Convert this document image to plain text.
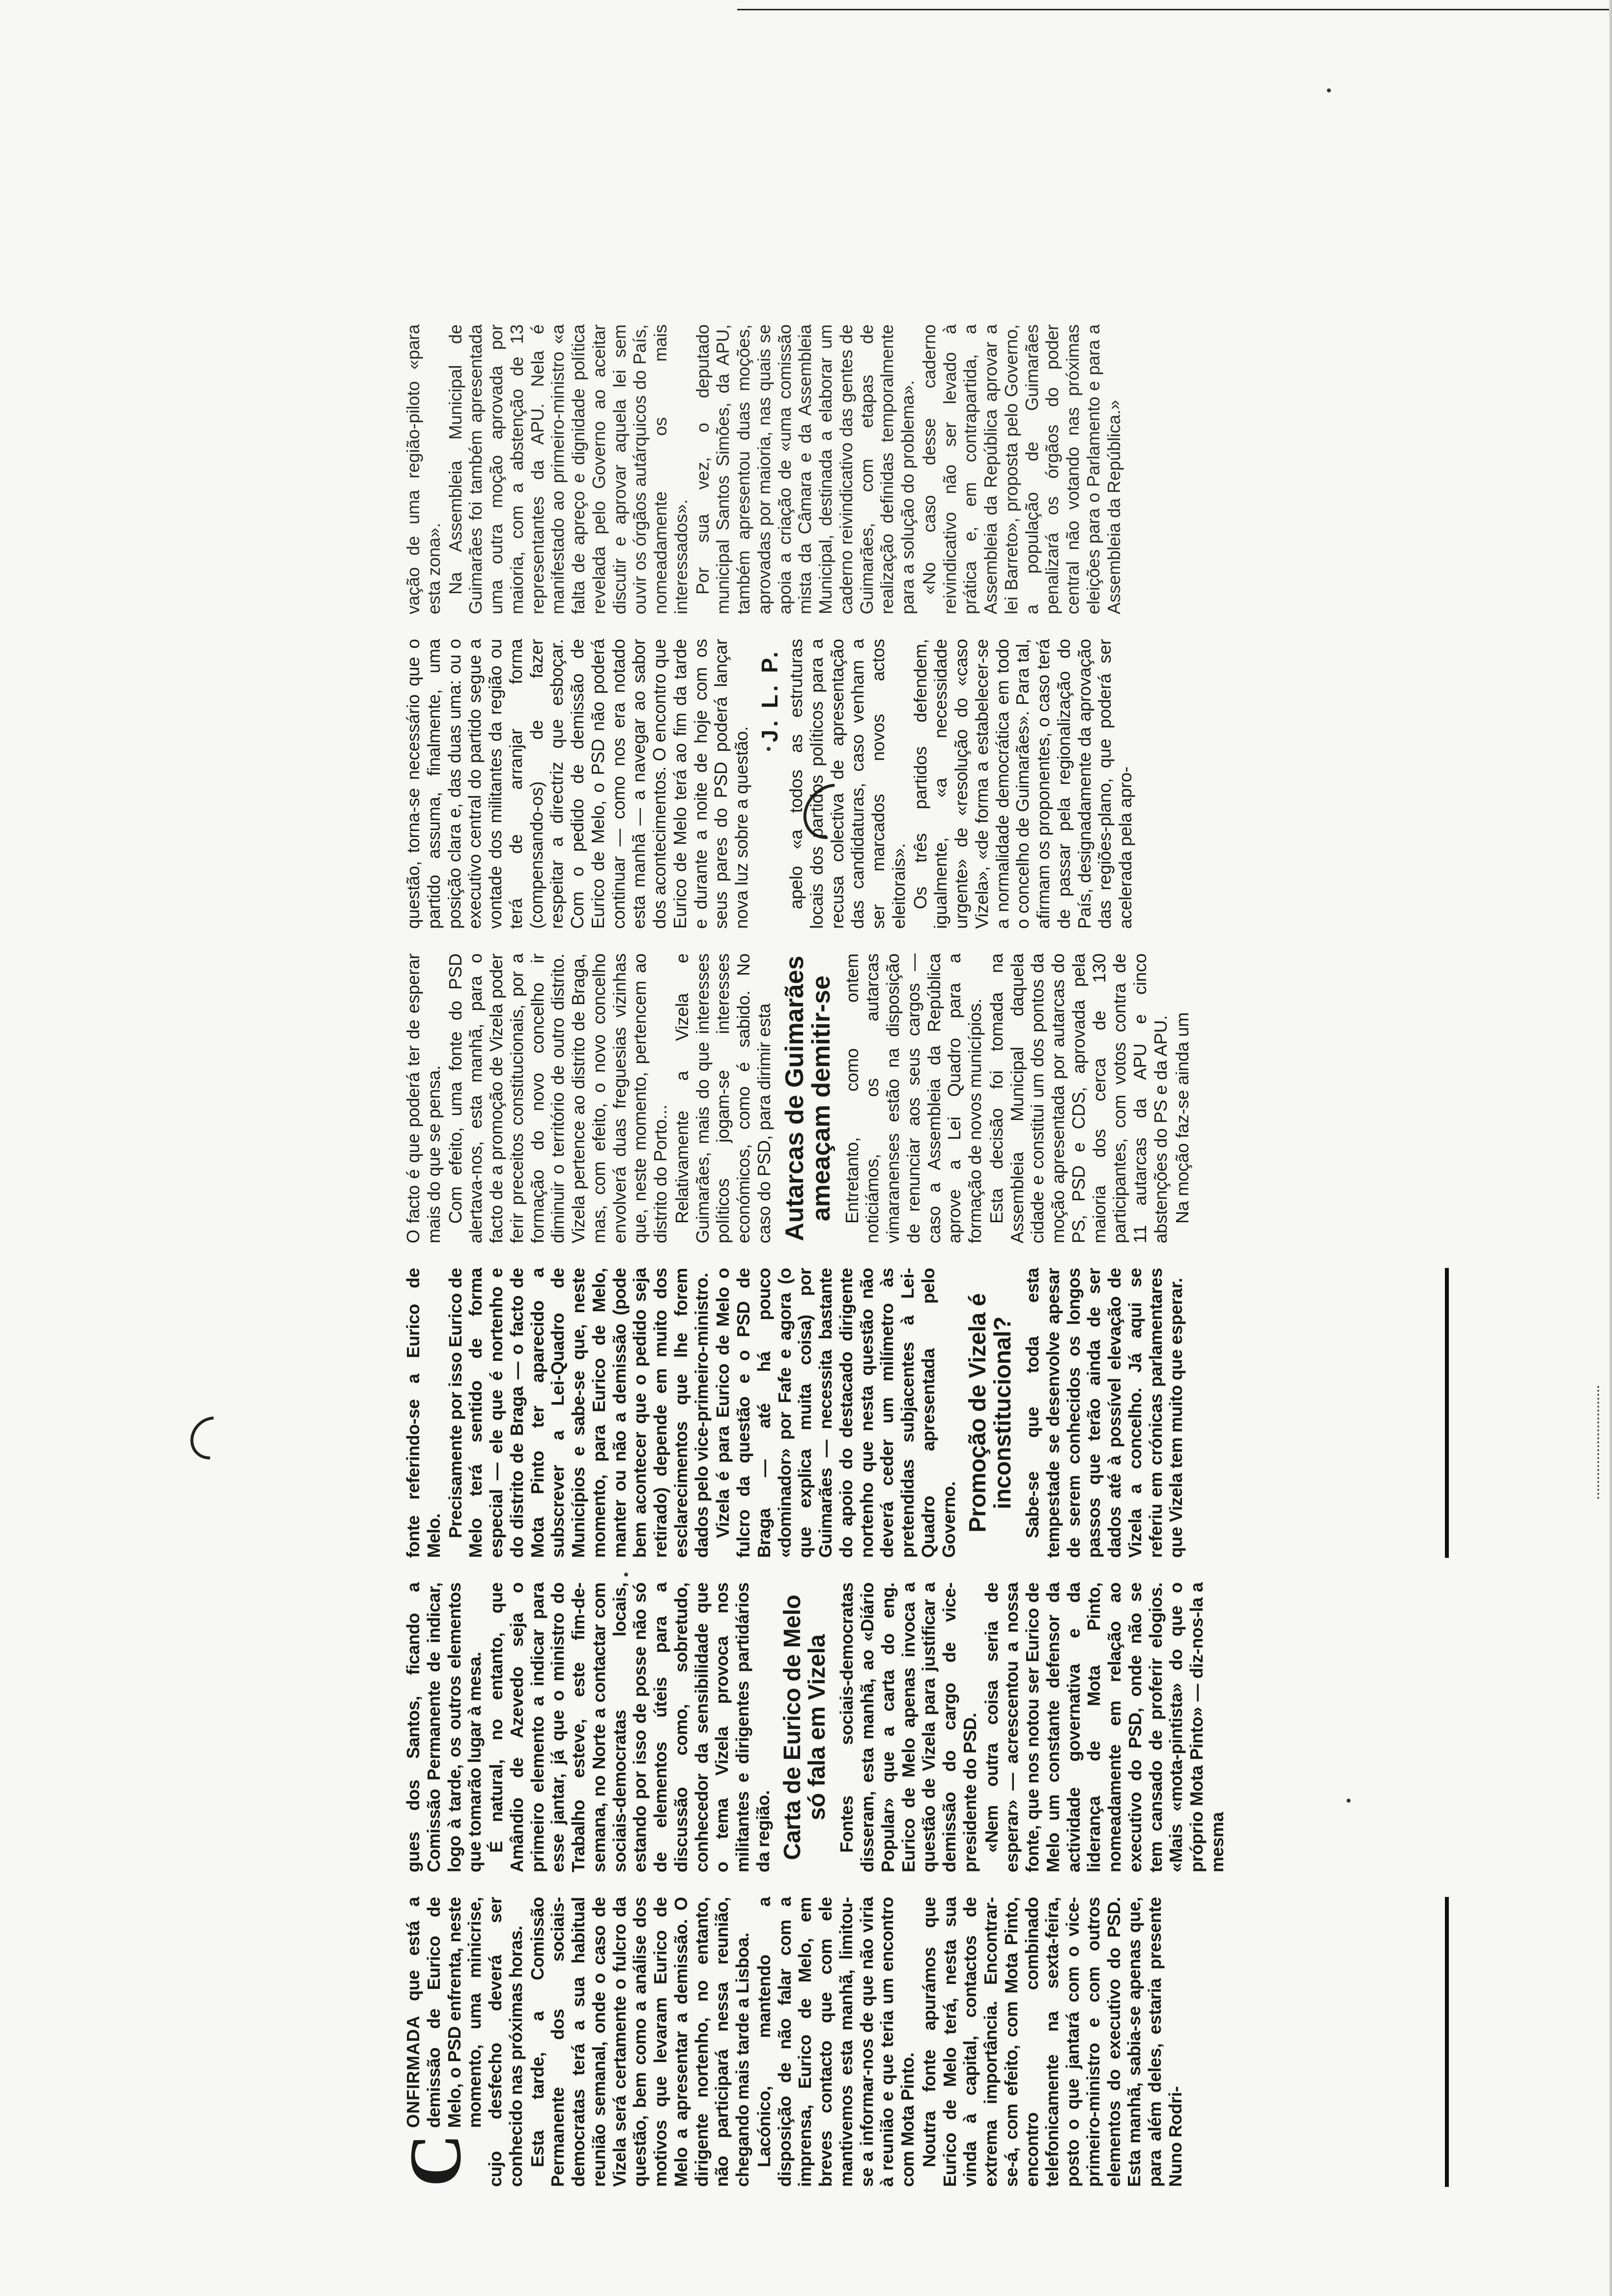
C
ONFIRMADA que está a demissão de Eurico de Melo, o PSD enfrenta, neste momento, uma minicrise, cujo desfecho deverá ser conhecido nas próximas horas. Esta tarde, a Comissão Permanente dos sociais-democratas terá a sua habitual reunião semanal, onde o caso de Vizela será certamente o fulcro da questão, bem como a análise dos motivos que levaram Eurico de Melo a apresentar a demissão. O dirigente nortenho, no entanto, não participará nessa reunião, chegando mais tarde a Lisboa. Lacónico, mantendo a disposição de não falar com a imprensa, Eurico de Melo, em breves contacto que com ele mantivemos esta manhã, limitou-se a informar-nos de que não viria à reunião e que teria um encontro com Mota Pinto. Noutra fonte apurámos que Eurico de Melo terá, nesta sua vinda à capital, contactos de extrema importância. Encontrar-se-á, com efeito, com Mota Pinto, encontro combinado telefonicamente na sexta-feira, posto o que jantará com o vice-primeiro-ministro e com outros elementos do executivo do PSD. Esta manhã, sabia-se apenas que, para além deles, estaria presente Nuno Rodri-

gues dos Santos, ficando a Comissão Permanente de indicar, logo à tarde, os outros elementos que tomarão lugar à mesa. É natural, no entanto, que Amândio de Azevedo seja o primeiro elemento a indicar para esse jantar, já que o ministro do Trabalho esteve, este fim-de-semana, no Norte a contactar com sociais-democratas locais, estando por isso de posse não só de elementos úteis para a discussão como, sobretudo, conhecedor da sensibilidade que o tema Vizela provoca nos militantes e dirigentes partidários da região. Carta de Eurico de Melo só fala em Vizela Fontes sociais-democratas disseram, esta manhã, ao «Diário Popular» que a carta do eng. Eurico de Melo apenas invoca a questão de Vizela para justificar a demissão do cargo de vice-presidente do PSD. «Nem outra coisa seria de esperar» — acrescentou a nossa fonte, que nos notou ser Eurico de Melo um constante defensor da actividade governativa e da liderança de Mota Pinto, nomeadamente em relação ao executivo do PSD, onde não se tem cansado de proferir elogios. «Mais «mota-pintista» do que o próprio Mota Pinto» — diz-nos-la a mesma

fonte referindo-se a Eurico de Melo. Precisamente por isso Eurico de Melo terá sentido de forma especial — ele que é nortenho e do distrito de Braga — o facto de Mota Pinto ter aparecido a subscrever a Lei-Quadro de Municípios e sabe-se que, neste momento, para Eurico de Melo, manter ou não a demissão (pode bem acontecer que o pedido seja retirado) depende em muito dos esclarecimentos que lhe forem dados pelo vice-primeiro-ministro. Vizela é para Eurico de Melo o fulcro da questão e o PSD de Braga — até há pouco «dominador» por Fafe e agora (o que explica muita coisa) por Guimarães — necessita bastante do apoio do destacado dirigente nortenho que nesta questão não deverá ceder um milímetro às pretendidas subjacentes à Lei-Quadro apresentada pelo Governo. Promoção de Vizela é inconstitucional? Sabe-se que toda esta tempestade se desenvolve apesar de serem conhecidos os longos passos que terão ainda de ser dados até à possível elevação de Vizela a concelho. Já aqui se referiu em crónicas parlamentares que Vizela tem muito que esperar.

O facto é que poderá ter de esperar mais do que se pensa. Com efeito, uma fonte do PSD alertava-nos, esta manhã, para o facto de a promoção de Vizela poder ferir preceitos constitucionais, por a formação do novo concelho ir diminuir o território de outro distrito. Vizela pertence ao distrito de Braga, mas, com efeito, o novo concelho envolverá duas freguesias vizinhas que, neste momento, pertencem ao distrito do Porto... Relativamente a Vizela e Guimarães, mais do que interesses políticos jogam-se interesses económicos, como é sabido. No caso do PSD, para dirimir esta Autarcas de Guimarães ameaçam demitir-se Entretanto, como ontem noticiámos, os autarcas vimaranenses estão na disposição de renunciar aos seus cargos — caso a Assembleia da República aprove a Lei Quadro para a formação de novos municípios. Esta decisão foi tomada na Assembleia Municipal daquela cidade e constitui um dos pontos da moção apresentada por autarcas do PS, PSD e CDS, aprovada pela maioria dos cerca de 130 participantes, com votos contra de 11 autarcas da APU e cinco abstenções do PS e da APU. Na moção faz-se ainda um

questão, torna-se necessário que o partido assuma, finalmente, uma posição clara e, das duas uma: ou o executivo central do partido segue a vontade dos militantes da região ou terá de arranjar forma (compensando-os) de fazer respeitar a directriz que esboçar. Com o pedido de demissão de Eurico de Melo, o PSD não poderá continuar — como nos era notado esta manhã — a navegar ao sabor dos acontecimentos. O encontro que Eurico de Melo terá ao fim da tarde e durante a noite de hoje com os seus pares do PSD poderá lançar nova luz sobre a questão.

J. L. P. apelo «a todos as estruturas locais dos partidos políticos para a recusa colectiva de apresentação das candidaturas, caso venham a ser marcados novos actos eleitorais». Os três partidos defendem, igualmente, «a necessidade urgente» de «resolução do «caso Vizela», «de forma a estabelecer-se a normalidade democrática em todo o concelho de Guimarães». Para tal, afirmam os proponentes, o caso terá de passar pela regionalização do País, designadamente da aprovação das regiões-plano, que poderá ser acelerada pela apro-

vação de uma região-piloto «para esta zona». Na Assembleia Municipal de Guimarães foi também apresentada uma outra moção aprovada por maioria, com a abstenção de 13 representantes da APU. Nela é manifestado ao primeiro-ministro «a falta de apreço e dignidade política revelada pelo Governo ao aceitar discutir e aprovar aquela lei sem ouvir os órgãos autárquicos do País, nomeadamente os mais interessados». Por sua vez, o deputado municipal Santos Simões, da APU, também apresentou duas moções, aprovadas por maioria, nas quais se apoia a criação de «uma comissão mista da Câmara e da Assembleia Municipal, destinada a elaborar um caderno reivindicativo das gentes de Guimarães, com etapas de realização definidas temporalmente para a solução do problema». «No caso desse caderno reivindicativo não ser levado à prática e, em contrapartida, a Assembleia da República aprovar a lei Barreto», proposta pelo Governo, a população de Guimarães penalizará os órgãos do poder central não votando nas próximas eleições para o Parlamento e para a Assembleia da República.»
